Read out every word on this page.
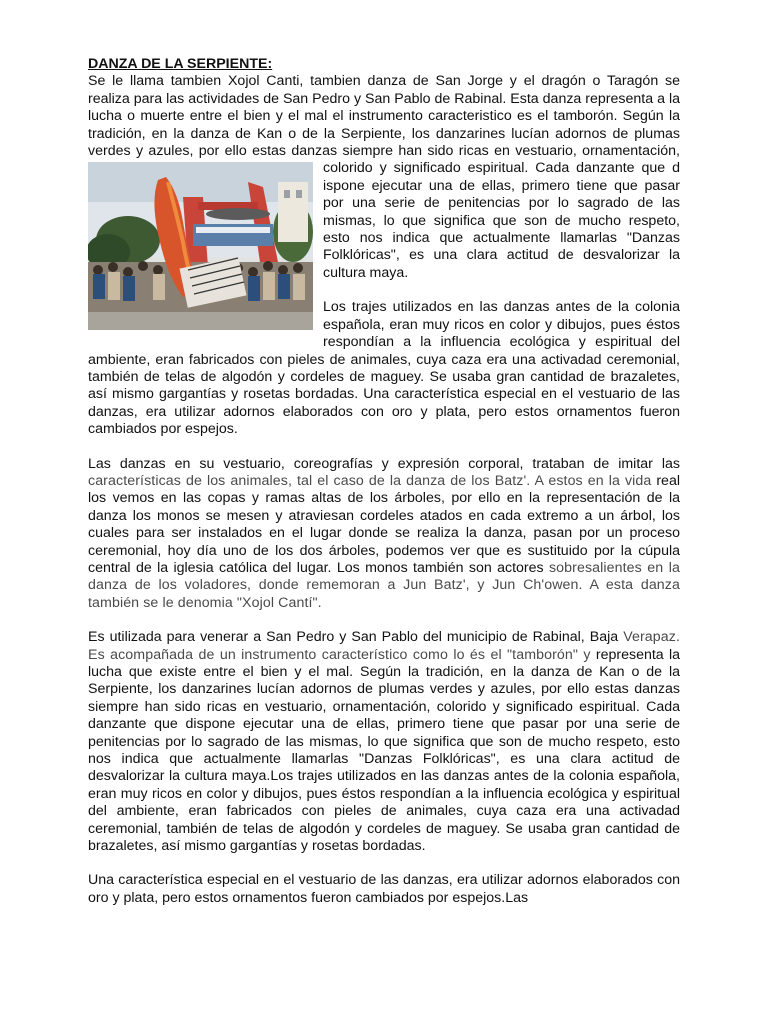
DANZA DE LA SERPIENTE:

Se le llama tambien Xojol Canti, tambien danza de San Jorge y el dragón o Taragón se realiza para las actividades de San Pedro y San Pablo de Rabinal. Esta danza representa a la lucha o muerte entre el bien y el mal el instrumento caracteristico es el tamborón. Según la tradición, en la danza de Kan o de la Serpiente, los danzarines lucían adornos de plumas verdes y azules, por ello estas danzas siempre han sido ricas en vestuario, ornamentación, colorido y significado espiritual. Cada danzante que d ispone ejecutar una de ellas, primero tiene que pasar por una serie de penitencias por lo sagrado de las mismas, lo que significa que son de mucho respeto, esto nos indica que actualmente llamarlas "Danzas Folklóricas", es una clara actitud de desvalorizar la cultura maya.

Los trajes utilizados en las danzas antes de la colonia española, eran muy ricos en color y dibujos, pues éstos respondían a la influencia ecológica y espiritual del ambiente, eran fabricados con pieles de animales, cuya caza era una activadad ceremonial, también de telas de algodón y cordeles de maguey. Se usaba gran cantidad de brazaletes, así mismo gargantías y rosetas bordadas. Una característica especial en el vestuario de las danzas, era utilizar adornos elaborados con oro y plata, pero estos ornamentos fueron cambiados por espejos.

Las danzas en su vestuario, coreografías y expresión corporal, trataban de imitar las características de los animales, tal el caso de la danza de los Batz'. A estos en la vida real los vemos en las copas y ramas altas de los árboles, por ello en la representación de la danza los monos se mesen y atraviesan cordeles atados en cada extremo a un árbol, los cuales para ser instalados en el lugar donde se realiza la danza, pasan por un proceso ceremonial, hoy día uno de los dos árboles, podemos ver que es sustituido por la cúpula central de la iglesia católica del lugar. Los monos también son actores sobresalientes en la danza de los voladores, donde rememoran a Jun Batz', y Jun Ch'owen. A esta danza también se le denomia "Xojol Cantí".

Es utilizada para venerar a San Pedro y San Pablo del municipio de Rabinal, Baja Verapaz. Es acompañada de un instrumento característico como lo és el "tamborón" y representa la lucha que existe entre el bien y el mal. Según la tradición, en la danza de Kan o de la Serpiente, los danzarines lucían adornos de plumas verdes y azules, por ello estas danzas siempre han sido ricas en vestuario, ornamentación, colorido y significado espiritual. Cada danzante que dispone ejecutar una de ellas, primero tiene que pasar por una serie de penitencias por lo sagrado de las mismas, lo que significa que son de mucho respeto, esto nos indica que actualmente llamarlas "Danzas Folklóricas", es una clara actitud de desvalorizar la cultura maya.Los trajes utilizados en las danzas antes de la colonia española, eran muy ricos en color y dibujos, pues éstos respondían a la influencia ecológica y espiritual del ambiente, eran fabricados con pieles de animales, cuya caza era una activadad ceremonial, también de telas de algodón y cordeles de maguey. Se usaba gran cantidad de brazaletes, así mismo gargantías y rosetas bordadas.

Una característica especial en el vestuario de las danzas, era utilizar adornos elaborados con oro y plata, pero estos ornamentos fueron cambiados por espejos.Las
